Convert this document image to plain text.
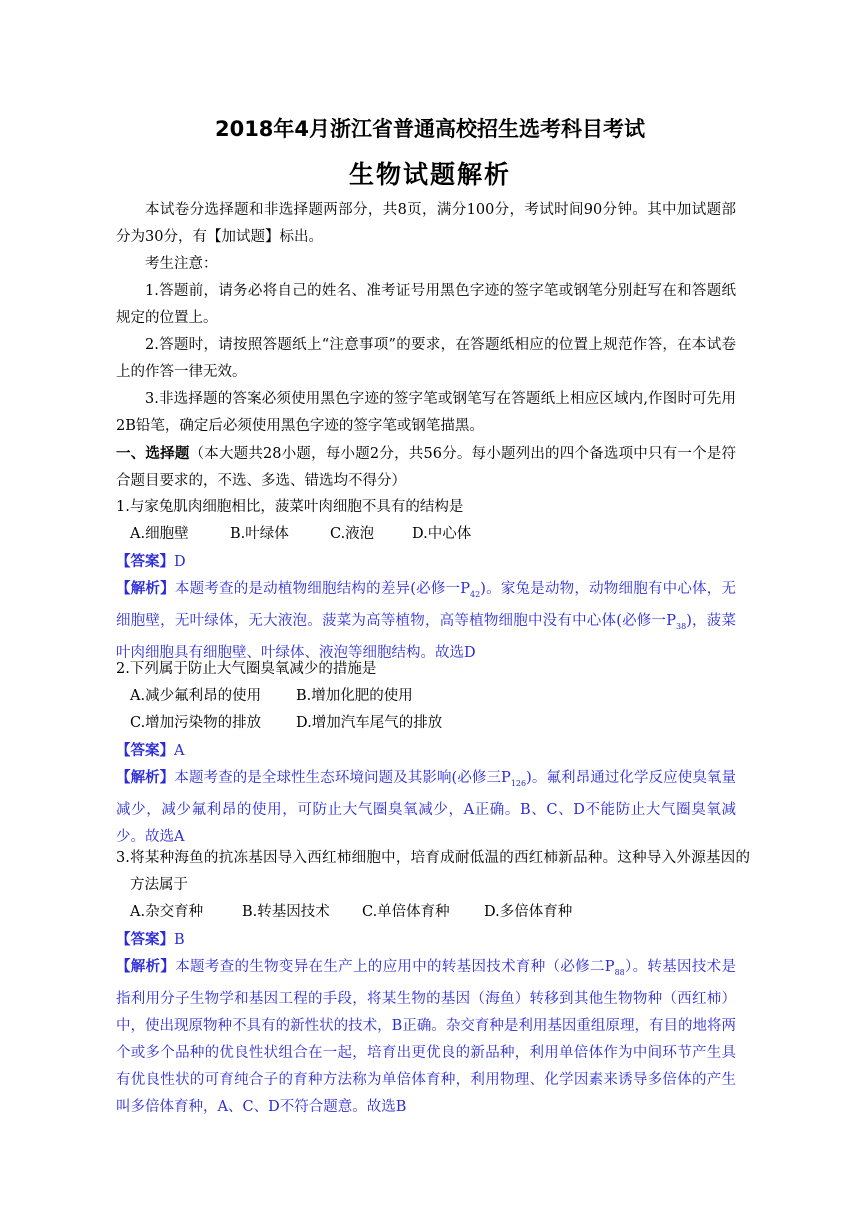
2018年4月浙江省普通高校招生选考科目考试
生物试题解析
本试卷分选择题和非选择题两部分，共8页，满分100分，考试时间90分钟。其中加试题部分为30分，有【加试题】标出。
考生注意：
1.答题前，请务必将自己的姓名、准考证号用黑色字迹的签字笔或钢笔分别赶写在和答题纸规定的位置上。
2.答题时，请按照答题纸上“注意事项”的要求，在答题纸相应的位置上规范作答，在本试卷上的作答一律无效。
3.非选择题的答案必须使用黑色字迹的签字笔或钢笔写在答题纸上相应区域内,作图时可先用2B铅笔，确定后必须使用黑色字迹的签字笔或钢笔描黑。
一、选择题（本大题共28小题，每小题2分，共56分。每小题列出的四个备选项中只有一个是符合题目要求的，不选、多选、错选均不得分）
1.与家兔肌肉细胞相比，菠菜叶肉细胞不具有的结构是
A.细胞壁	B.叶绿体	C.液泡	D.中心体
【答案】D
【解析】本题考查的是动植物细胞结构的差异(必修一$P_{42}$)。家兔是动物，动物细胞有中心体，无细胞壁，无叶绿体，无大液泡。菠菜为高等植物，高等植物细胞中没有中心体(必修一$P_{38}$)，菠菜叶肉细胞具有细胞壁、叶绿体、液泡等细胞结构。故选D
2.下列属于防止大气圈臭氧减少的措施是
A.减少氟利昂的使用 B.增加化肥的使用
C.增加污染物的排放 D.增加汽车尾气的排放
【答案】A
【解析】本题考查的是全球性生态环境问题及其影响(必修三$P_{126}$)。氟利昂通过化学反应使臭氧量减少，减少氟利昂的使用，可防止大气圈臭氧减少，A正确。B、C、D不能防止大气圈臭氧减少。故选A
3.将某种海鱼的抗冻基因导入西红柿细胞中，培育成耐低温的西红柿新品种。这种导入外源基因的方法属于
A.杂交育种	B.转基因技术 C.单倍体育种 D.多倍体育种
【答案】B
【解析】本题考查的生物变异在生产上的应用中的转基因技术育种（必修二$P_{88}$）。转基因技术是指利用分子生物学和基因工程的手段，将某生物的基因（海鱼）转移到其他生物物种（西红柿）中，使出现原物种不具有的新性状的技术，B正确。杂交育种是利用基因重组原理，有目的地将两个或多个品种的优良性状组合在一起，培育出更优良的新品种，利用单倍体作为中间环节产生具有优良性状的可育纯合子的育种方法称为单倍体育种，利用物理、化学因素来诱导多倍体的产生叫多倍体育种，A、C、D不符合题意。故选B
